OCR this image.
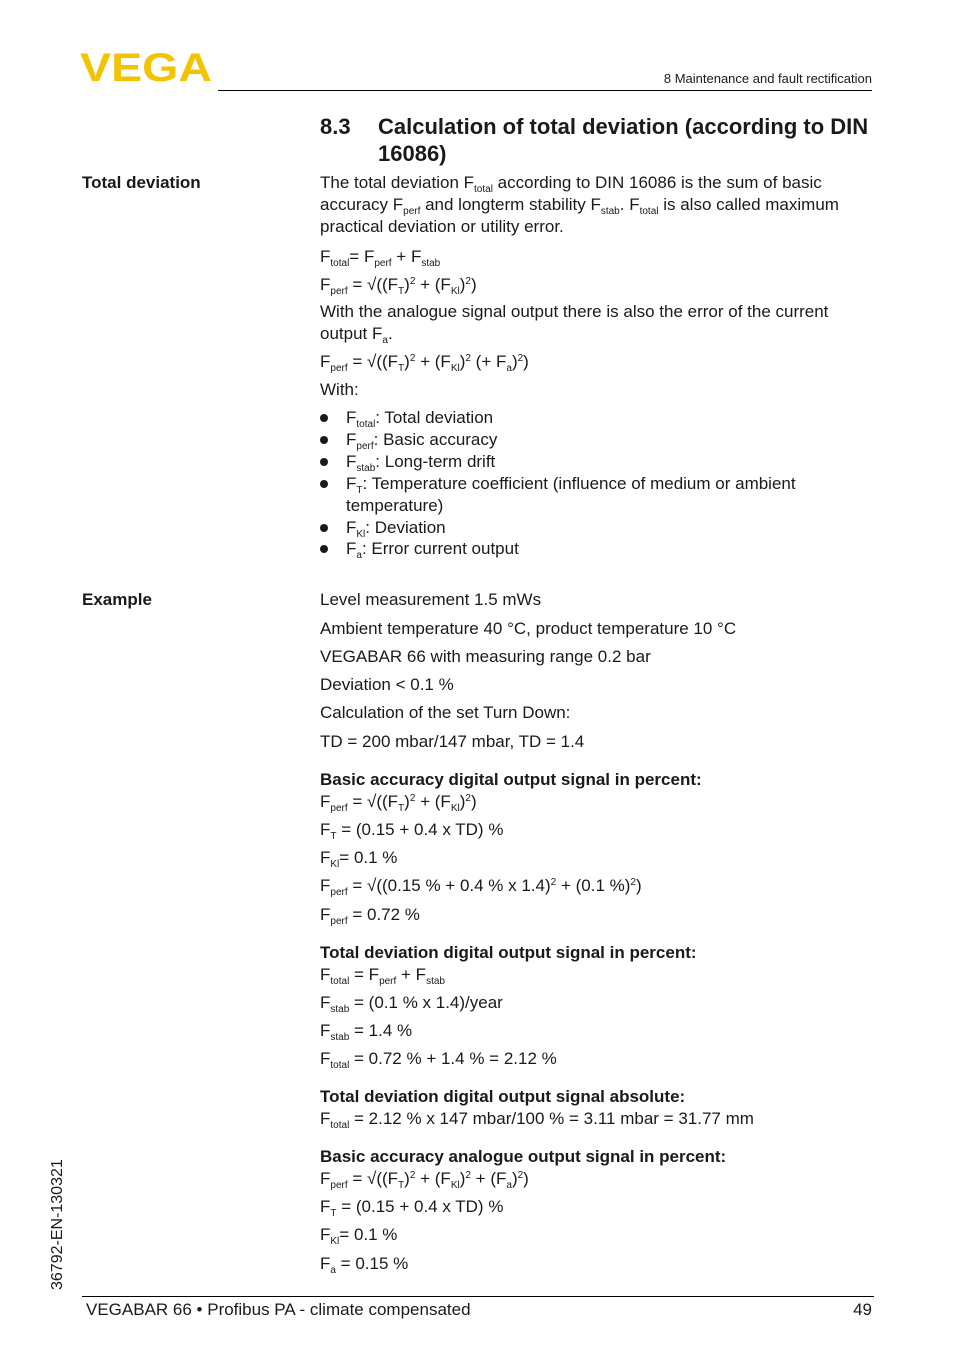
VEGA	8 Maintenance and fault rectification
8.3 Calculation of total deviation (according to DIN 16086)
Total deviation
Example
The total deviation $F_{total}$ according to DIN 16086 is the sum of basic accuracy $F_{perf}$ and longterm stability $F_{stab}$. $F_{total}$ is also called maximum practical deviation or utility error.
$F_{total}= F_{perf} + F_{stab}$
$F_{perf} = √((F_T)^2 + (F_{Kl})^2)$
With the analogue signal output there is also the error of the current output $F_a$.
$F_{perf} = √((F_T)^2 + (F_{Kl})^2$ (+ $F_a)^2$)
With:
$F_{total}$: Total deviation
$F_{perf}$: Basic accuracy
$F_{stab}$: Long-term drift
$F_T$: Temperature coefficient (influence of medium or ambient temperature)
$F_{Kl}$: Deviation
$F_a$: Error current output
Level measurement 1.5 mWs
Ambient temperature 40 °C, product temperature 10 °C
VEGABAR 66 with measuring range 0.2 bar
Deviation < 0.1 %
Calculation of the set Turn Down:
TD = 200 mbar/147 mbar, TD = 1.4
Basic accuracy digital output signal in percent:
$F_{perf} = √((F_T)^2 + (F_{Kl})^2)$
$F_T = (0.15 + 0.4$ x TD) %
$F_{Kl}= 0.1$ %
$F_{perf} = √((0.15$ % + 0.4 % x 1.4)$^2$ + (0.1 %)$^2$)
$F_{perf} = 0.72$ %
Total deviation digital output signal in percent:
$F_{total} = F_{perf} + F_{stab}$
$F_{stab} = (0.1$ % x 1.4)/year
$F_{stab} = 1.4$ %
$F_{total} = 0.72$ % + 1.4 % = 2.12 %
Total deviation digital output signal absolute:
$F_{total} = 2.12$ % x 147 mbar/100 % = 3.11 mbar = 31.77 mm
Basic accuracy analogue output signal in percent:
$F_{perf} = √((F_T)^2 + (F_{Kl})^2 + (F_a)^2)$
$F_T = (0.15 + 0.4$ x TD) %
$F_{Kl}= 0.1$ %
$F_a = 0.15$ %
36792-EN-130321
VEGABAR 66 • Profibus PA - climate compensated	49
